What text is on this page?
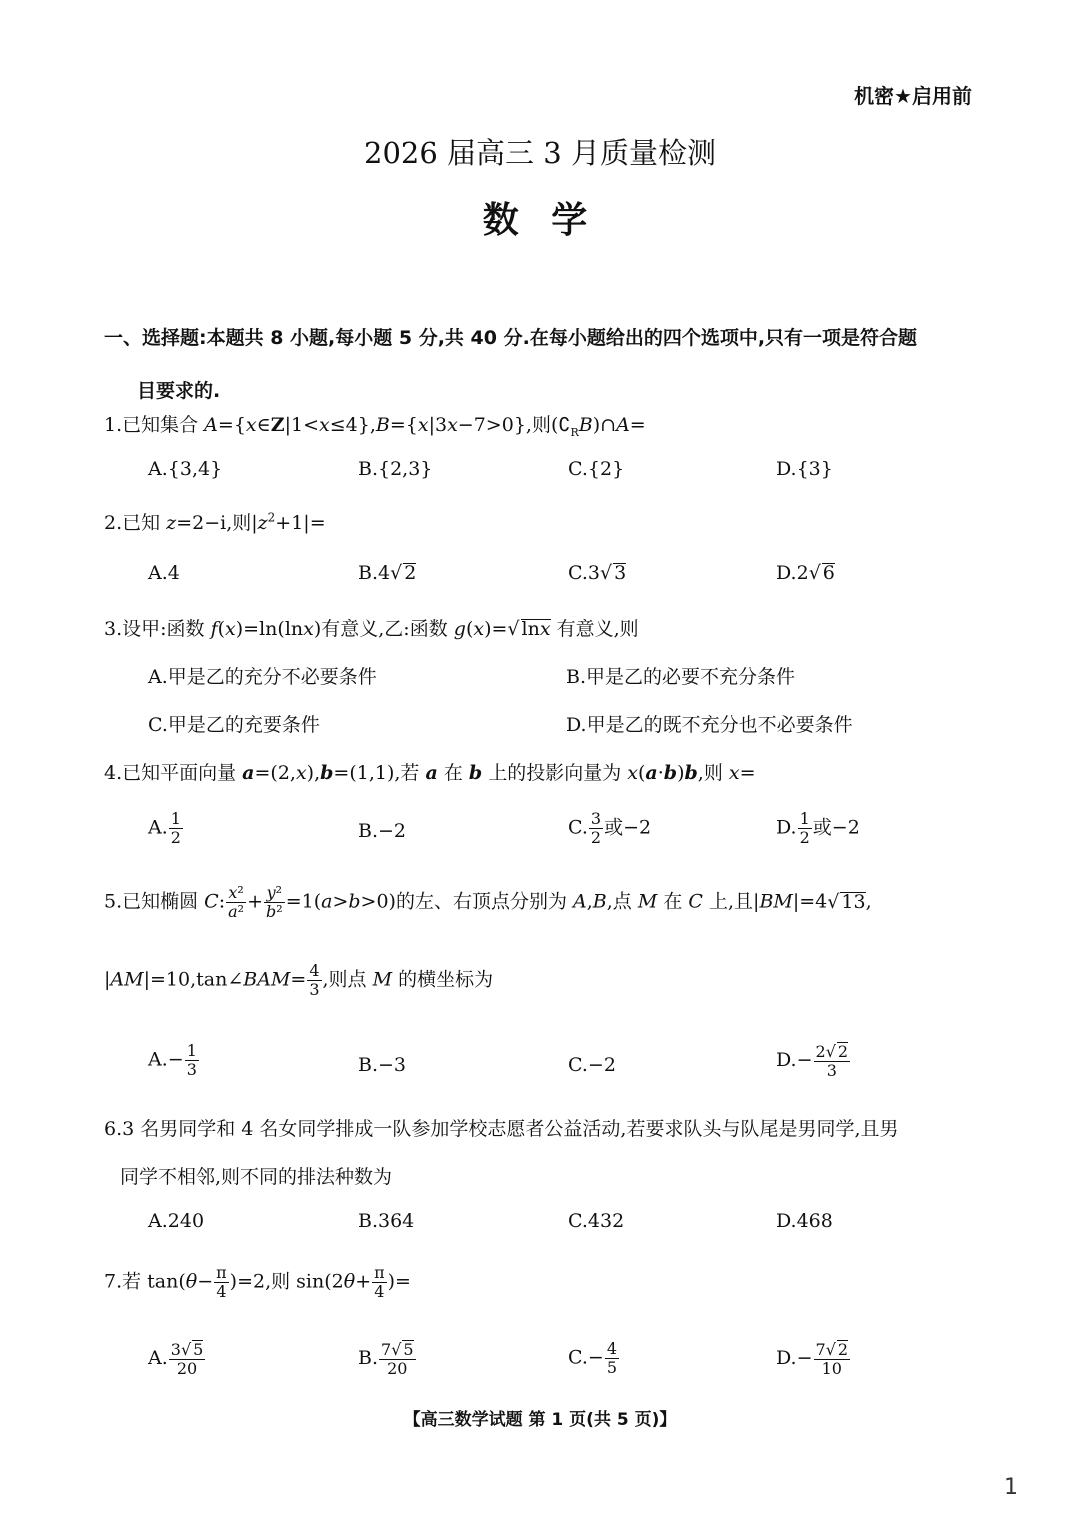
机密★启用前
2026 届高三 3 月质量检测
数 学
一、选择题:本题共 8 小题,每小题 5 分,共 40 分.在每小题给出的四个选项中,只有一项是符合题
目要求的.
1.已知集合 A={x∈Z|1<x≤4},B={x|3x−7>0},则$(∁_RB)\cap A=$
A.{3,4}	B.{2,3}	C.{2}	D.{3}
2.已知 z=2−i,则$|z^2+1|=$
A.4	B.4 √ 2	C.3 √ 3	D.2 √ 6
3.设甲:函数 f(x)=ln(lnx)有意义,乙:函数 g(x)= √ lnx 有意义,则
A.甲是乙的充分不必要条件	B.甲是乙的必要不充分条件
C.甲是乙的充要条件	D.甲是乙的既不充分也不必要条件
4.已知平面向量 a=(2,x),b=(1,1),若 a 在 b 上的投影向量为 x(a·b)b,则 x=
A. $\frac{1}{2}$	B.−2	C. $\frac{3}{2}$ 或−2	D. $\frac{1}{2}$ 或−2
5.已知椭圆 C: $\frac{\text{x²}}{\text{a²}} + \frac{\text{y²}}{\text{b²}} =1(a>b>0)$的左、右顶点分别为 A,B,点 M 在 C 上,且|BM|=4 √ 13,
|AM|=10,tan∠BAM= $\frac{4}{3}$ ,则点 M 的横坐标为
$A.- \frac{1}{3}$	B.−3	C.−2	$D.- \frac{2 √ 2}{3}$
6.3 名男同学和 4 名女同学排成一队参加学校志愿者公益活动,若要求队头与队尾是男同学,且男
同学不相邻,则不同的排法种数为
A.240	B.364	C.432	D.468
7.若 $\tan(\theta- \frac{\pi}{4} )=2$,则 $\sin(2\theta+ \frac{\pi}{4}$ )=
A. $\frac{3 √ 5}{20}$	B. $\frac{7 √ 5}{20}$	$C.- \frac{4}{5}$	$D.- \frac{7 √ 2}{10}$
【高三数学试题 第 1 页(共 5 页)】
1
